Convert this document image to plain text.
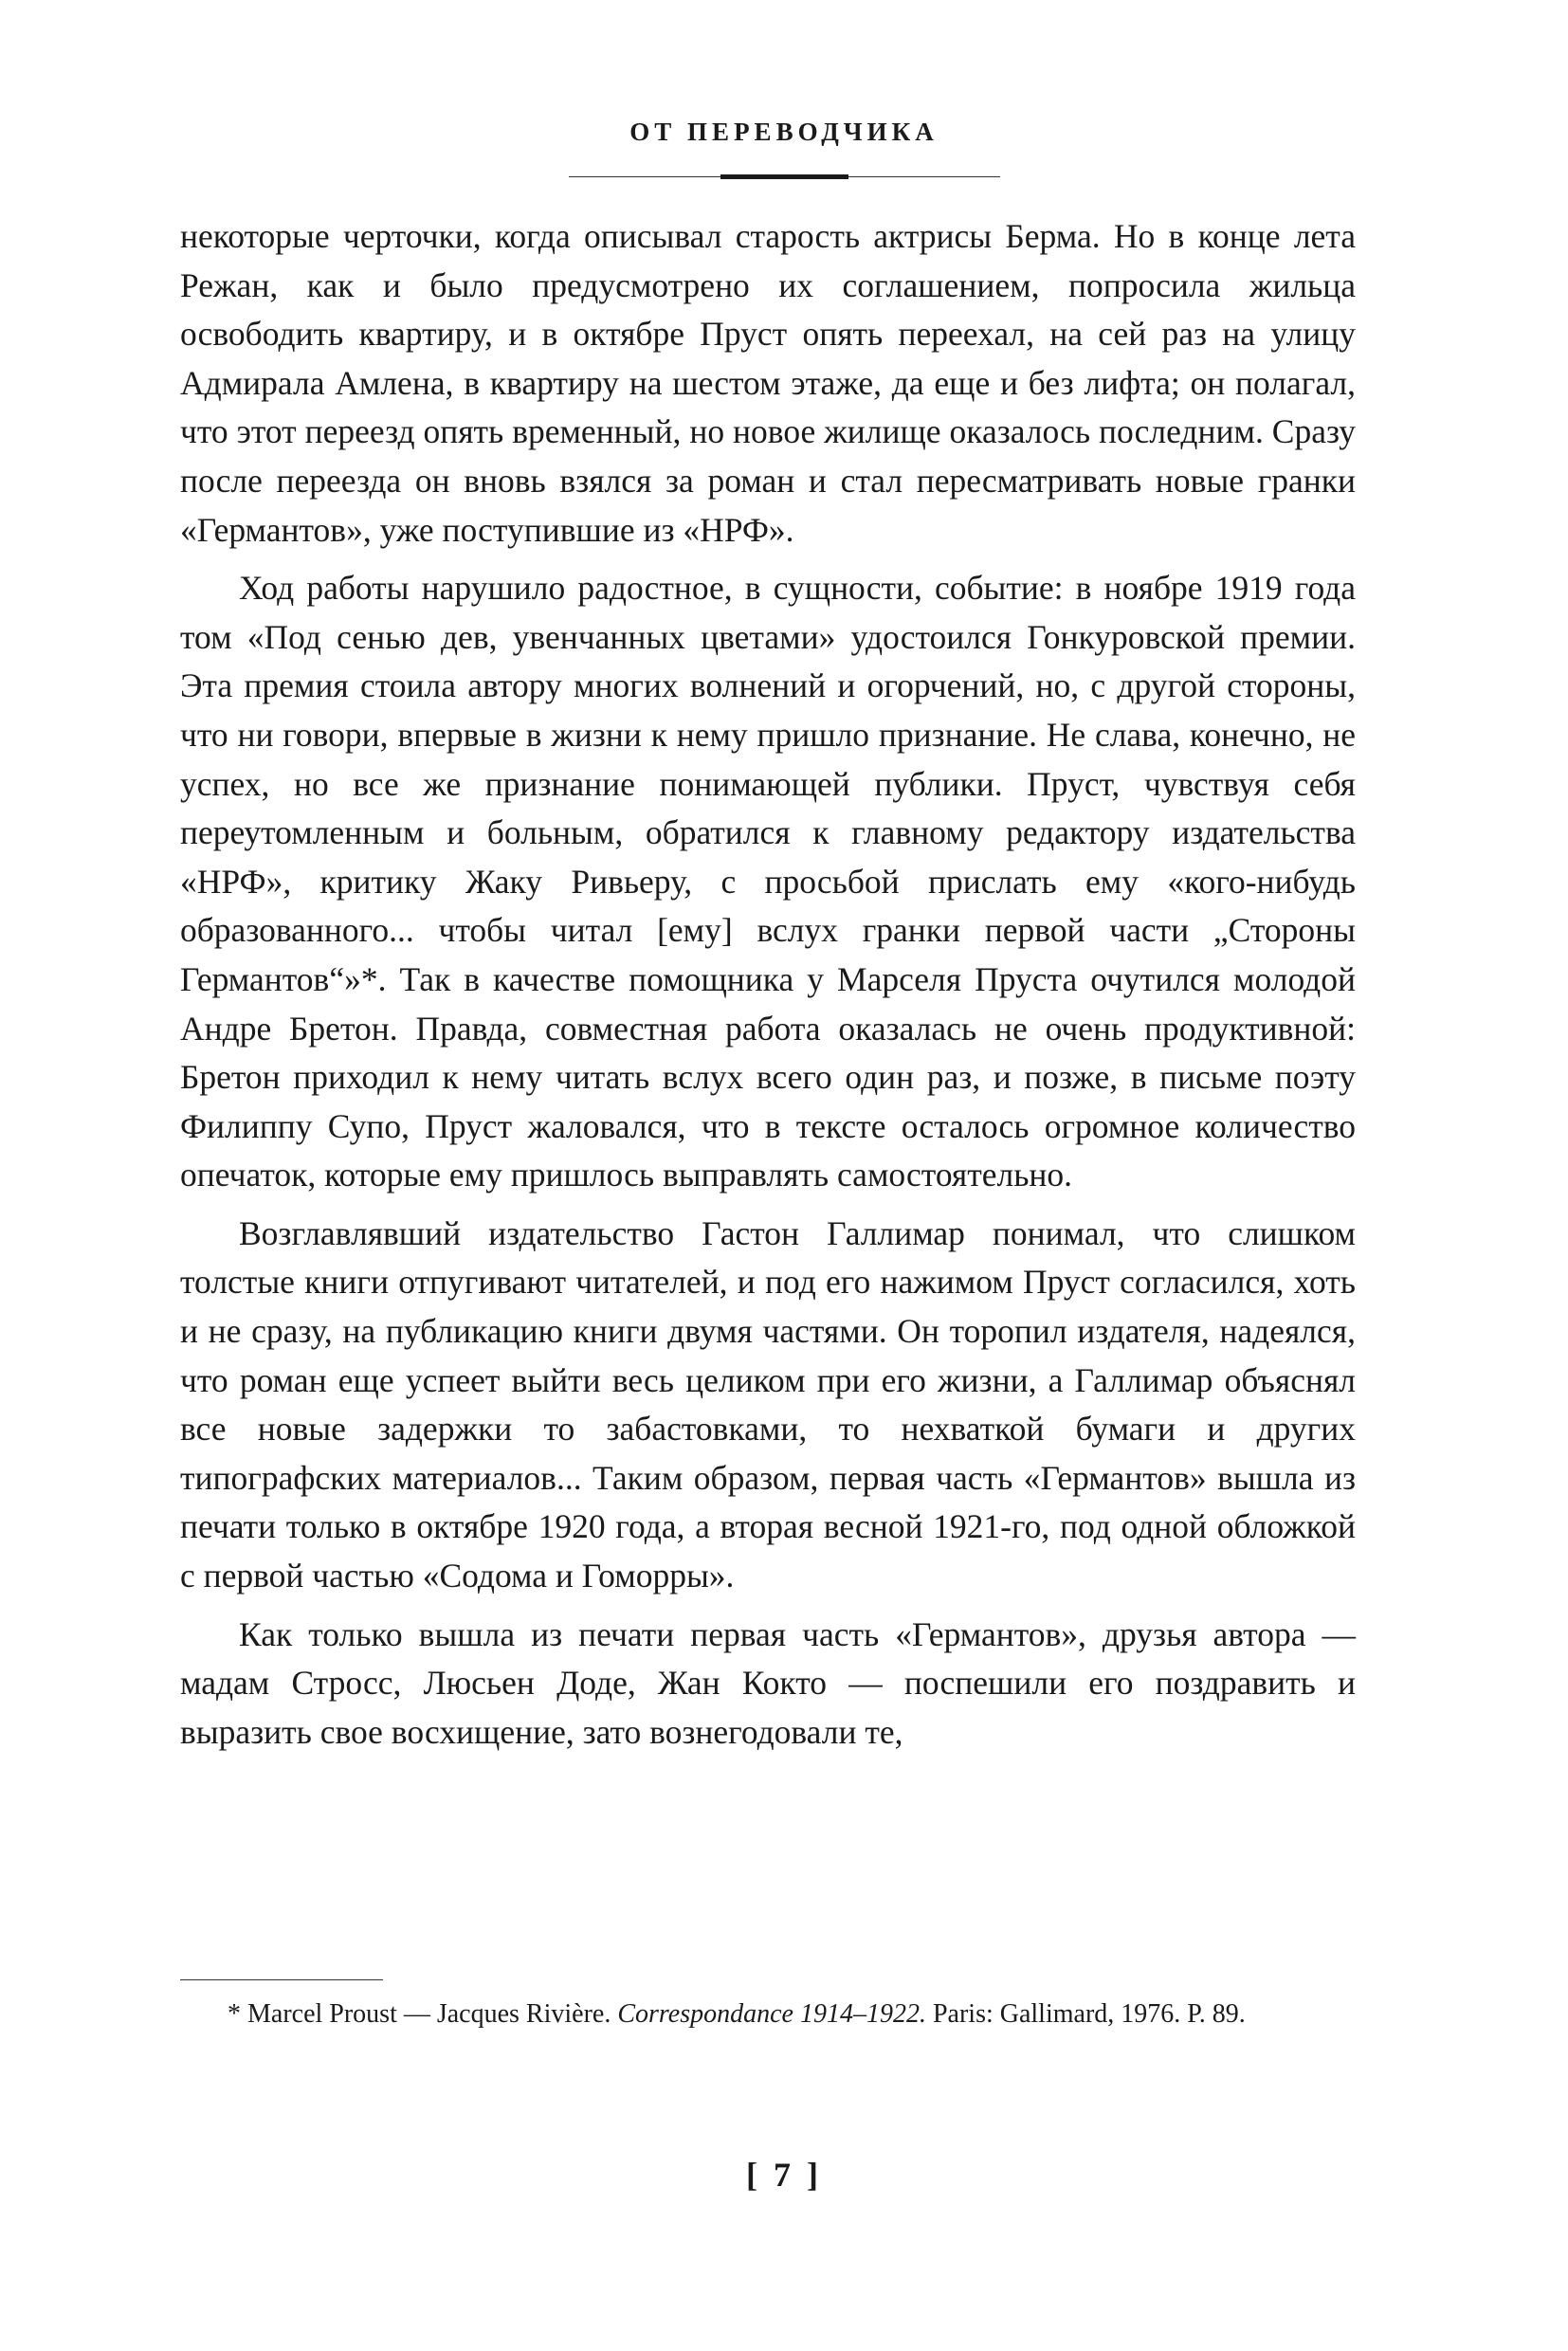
ОТ ПЕРЕВОДЧИКА

некоторые черточки, когда описывал старость актрисы Берма. Но в конце лета Режан, как и было предусмотрено их соглашением, попросила жильца освободить квартиру, и в октябре Пруст опять переехал, на сей раз на улицу Адмирала Амлена, в квартиру на шестом этаже, да еще и без лифта; он полагал, что этот переезд опять временный, но новое жилище оказалось последним. Сразу после переезда он вновь взялся за роман и стал пересматривать новые гранки «Германтов», уже поступившие из «НРФ».

Ход работы нарушило радостное, в сущности, событие: в ноябре 1919 года том «Под сенью дев, увенчанных цветами» удостоился Гонкуровской премии. Эта премия стоила автору многих волнений и огорчений, но, с другой стороны, что ни говори, впервые в жизни к нему пришло признание. Не слава, конечно, не успех, но все же признание понимающей публики. Пруст, чувствуя себя переутомленным и больным, обратился к главному редактору издательства «НРФ», критику Жаку Ривьеру, с просьбой прислать ему «кого-нибудь образованного... чтобы читал [ему] вслух гранки первой части „Стороны Германтов“»*. Так в качестве помощника у Марселя Пруста очутился молодой Андре Бретон. Правда, совместная работа оказалась не очень продуктивной: Бретон приходил к нему читать вслух всего один раз, и позже, в письме поэту Филиппу Супо, Пруст жаловался, что в тексте осталось огромное количество опечаток, которые ему пришлось выправлять самостоятельно.

Возглавлявший издательство Гастон Галлимар понимал, что слишком толстые книги отпугивают читателей, и под его нажимом Пруст согласился, хоть и не сразу, на публикацию книги двумя частями. Он торопил издателя, надеялся, что роман еще успеет выйти весь целиком при его жизни, а Галлимар объяснял все новые задержки то забастовками, то нехваткой бумаги и других типографских материалов... Таким образом, первая часть «Германтов» вышла из печати только в октябре 1920 года, а вторая весной 1921-го, под одной обложкой с первой частью «Содома и Гоморры».

Как только вышла из печати первая часть «Германтов», друзья автора — мадам Стросс, Люсьен Доде, Жан Кокто — поспешили его поздравить и выразить свое восхищение, зато вознегодовали те,

* Marcel Proust — Jacques Rivière. Correspondance 1914–1922. Paris: Gallimard, 1976. P. 89.
[ 7 ]
